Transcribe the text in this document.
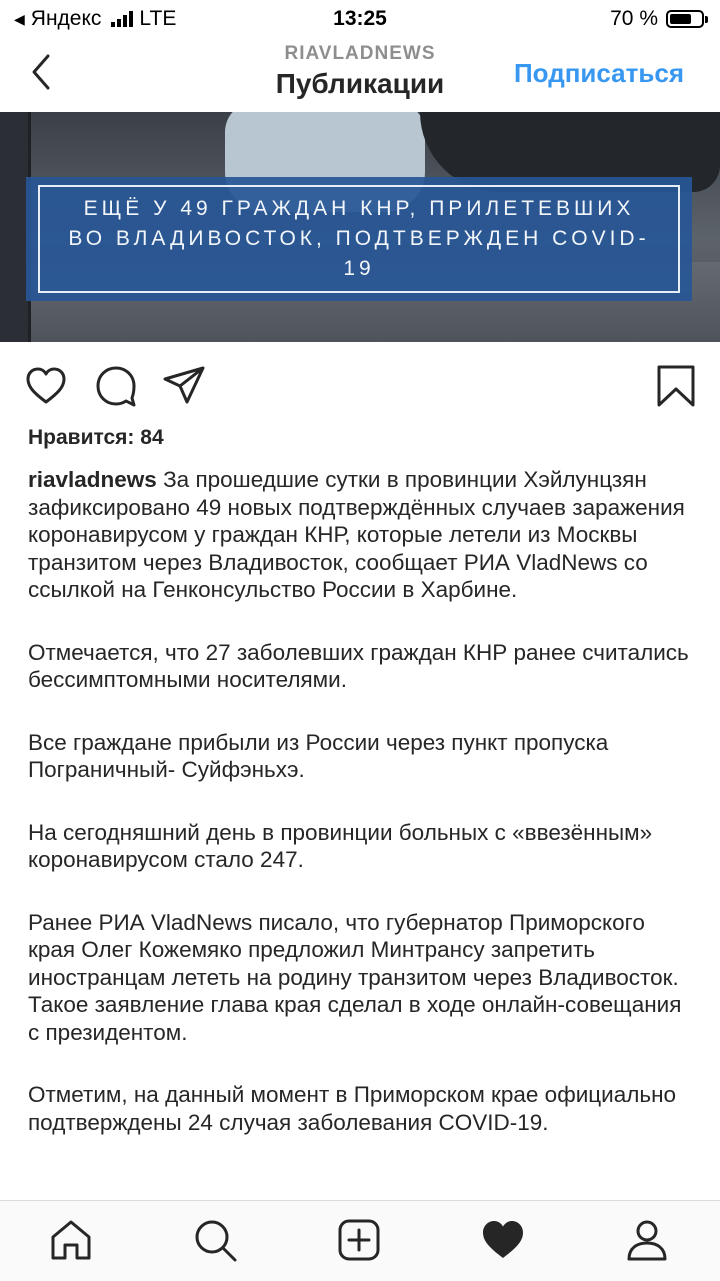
◀ Яндекс LTE	13:25	70 %
RIAVLADNEWS
Публикации	Подписаться
ЕЩЁ У 49 ГРАЖДАН КНР, ПРИЛЕТЕВШИХ ВО ВЛАДИВОСТОК, ПОДТВЕРЖДЕН COVID-19
Нравится: 84

riavladnews За прошедшие сутки в провинции Хэйлунцзян зафиксировано 49 новых подтверждённых случаев заражения коронавирусом у граждан КНР, которые летели из Москвы транзитом через Владивосток, сообщает РИА VladNews со ссылкой на Генконсульство России в Харбине.

Отмечается, что 27 заболевших граждан КНР ранее считались бессимптомными носителями.

Все граждане прибыли из России через пункт пропуска Пограничный- Суйфэньхэ.

На сегодняшний день в провинции больных с «ввезённым» коронавирусом стало 247.

Ранее РИА VladNews писало, что губернатор Приморского края Олег Кожемяко предложил Минтрансу запретить иностранцам лететь на родину транзитом через Владивосток. Такое заявление глава края сделал в ходе онлайн-совещания с президентом.

Отметим, на данный момент в Приморском крае официально подтверждены 24 случая заболевания COVID-19.
